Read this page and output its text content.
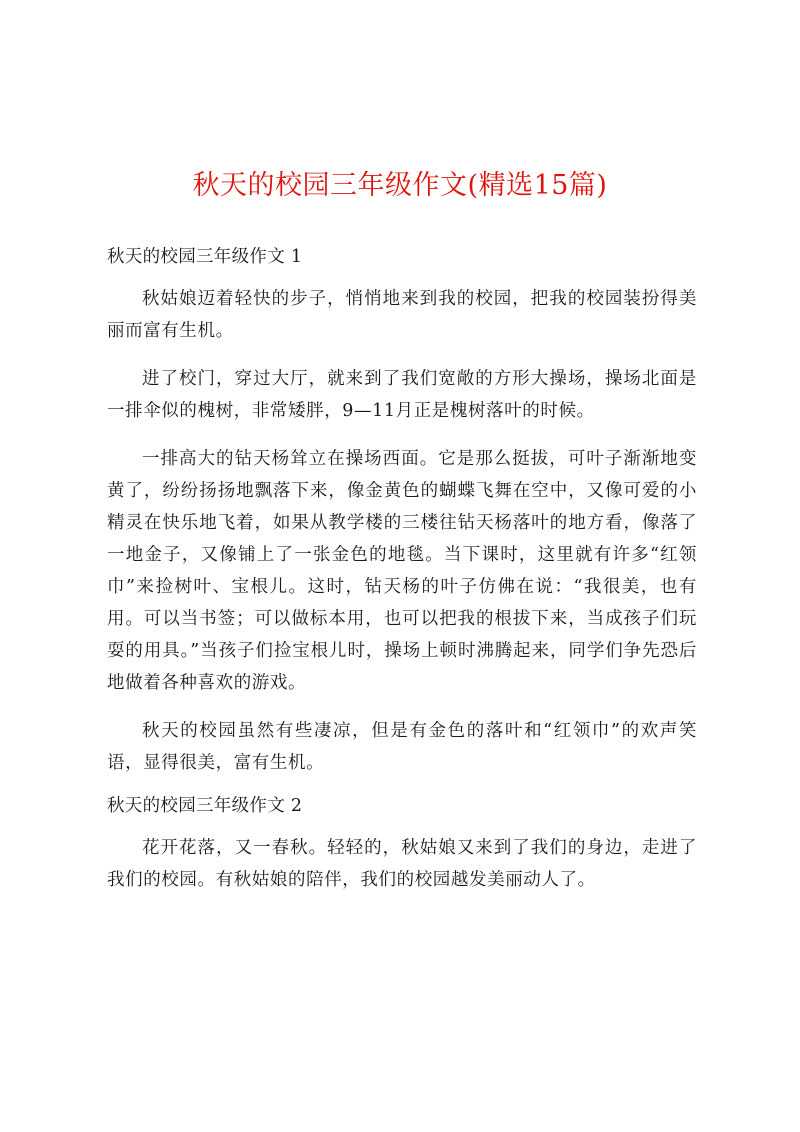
秋天的校园三年级作文(精选15篇)
秋天的校园三年级作文 1

秋姑娘迈着轻快的步子，悄悄地来到我的校园，把我的校园装扮得美丽而富有生机。

进了校门，穿过大厅，就来到了我们宽敞的方形大操场，操场北面是一排伞似的槐树，非常矮胖，9—11月正是槐树落叶的时候。

一排高大的钻天杨耸立在操场西面。它是那么挺拔，可叶子渐渐地变黄了，纷纷扬扬地飘落下来，像金黄色的蝴蝶飞舞在空中，又像可爱的小精灵在快乐地飞着，如果从教学楼的三楼往钻天杨落叶的地方看，像落了一地金子，又像铺上了一张金色的地毯。当下课时，这里就有许多“红领巾”来捡树叶、宝根儿。这时，钻天杨的叶子仿佛在说：“我很美，也有用。可以当书签；可以做标本用，也可以把我的根拔下来，当成孩子们玩耍的用具。”当孩子们捡宝根儿时，操场上顿时沸腾起来，同学们争先恐后地做着各种喜欢的游戏。

秋天的校园虽然有些凄凉，但是有金色的落叶和“红领巾”的欢声笑语，显得很美，富有生机。

秋天的校园三年级作文 2

花开花落，又一春秋。轻轻的，秋姑娘又来到了我们的身边，走进了我们的校园。有秋姑娘的陪伴，我们的校园越发美丽动人了。
